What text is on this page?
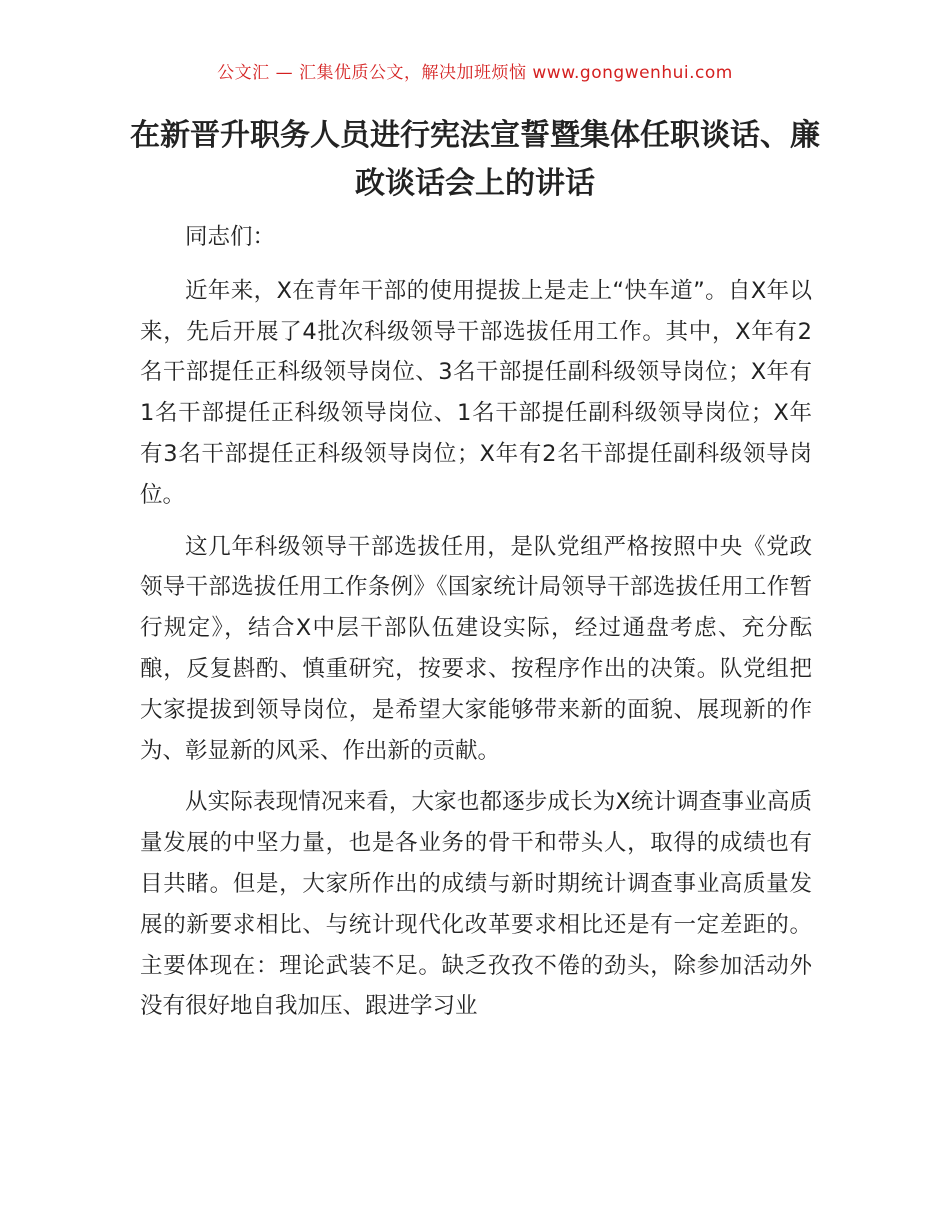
公文汇 — 汇集优质公文，解决加班烦恼 www.gongwenhui.com
在新晋升职务人员进行宪法宣誓暨集体任职谈话、廉政谈话会上的讲话

同志们：

近年来，X在青年干部的使用提拔上是走上“快车道”。自X年以来，先后开展了4批次科级领导干部选拔任用工作。其中，X年有2名干部提任正科级领导岗位、3名干部提任副科级领导岗位；X年有1名干部提任正科级领导岗位、1名干部提任副科级领导岗位；X年有3名干部提任正科级领导岗位；X年有2名干部提任副科级领导岗位。

这几年科级领导干部选拔任用，是队党组严格按照中央《党政领导干部选拔任用工作条例》《国家统计局领导干部选拔任用工作暂行规定》，结合X中层干部队伍建设实际，经过通盘考虑、充分酝酿，反复斟酌、慎重研究，按要求、按程序作出的决策。队党组把大家提拔到领导岗位，是希望大家能够带来新的面貌、展现新的作为、彰显新的风采、作出新的贡献。

从实际表现情况来看，大家也都逐步成长为X统计调查事业高质量发展的中坚力量，也是各业务的骨干和带头人，取得的成绩也有目共睹。但是，大家所作出的成绩与新时期统计调查事业高质量发展的新要求相比、与统计现代化改革要求相比还是有一定差距的。主要体现在：理论武装不足。缺乏孜孜不倦的劲头，除参加活动外没有很好地自我加压、跟进学习业
